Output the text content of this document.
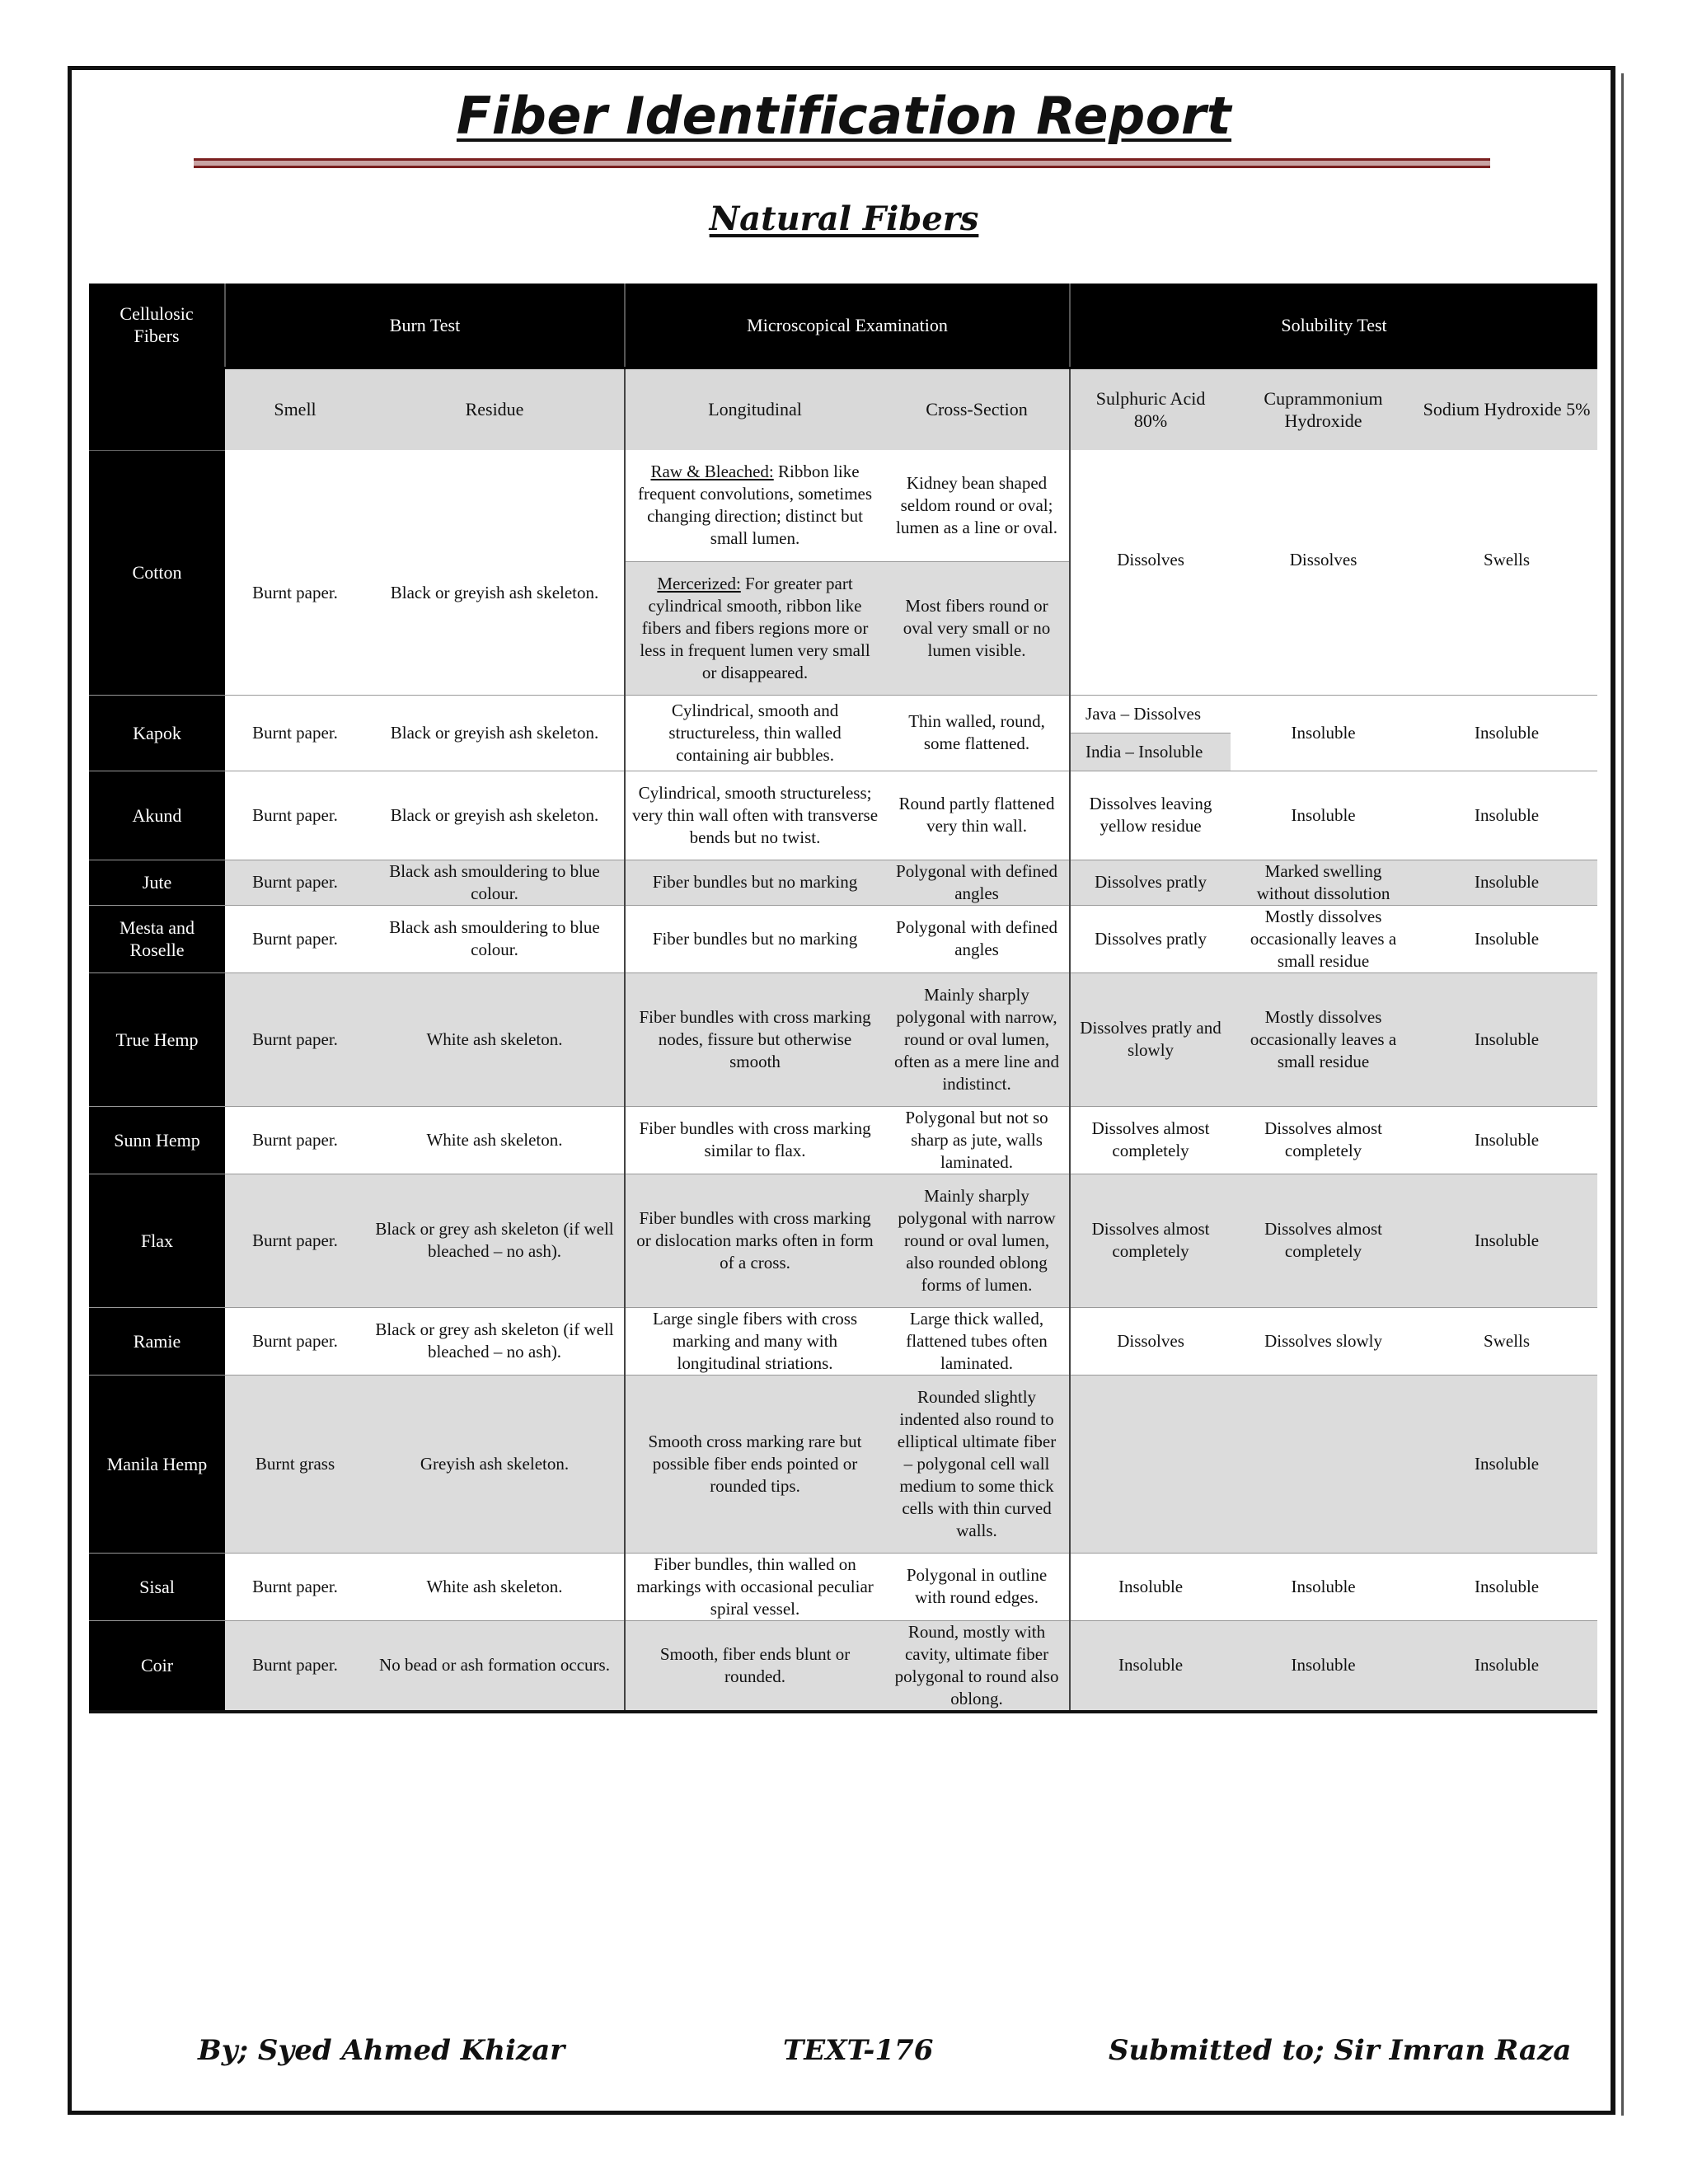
Fiber Identification Report
Natural Fibers
Cellulosic Fibers	Burn Test		Microscopical Examination		Solubility Test		
	Smell	Residue	Longitudinal	Cross-Section	Sulphuric Acid 80%	Cuprammonium Hydroxide	Sodium Hydroxide 5%
Cotton	Burnt paper.	Black or greyish ash skeleton.	Raw & Bleached: Ribbon like frequent convolutions, sometimes changing direction; distinct but small lumen.	Kidney bean shaped seldom round or oval; lumen as a line or oval.	Dissolves	Dissolves	Swells
			Mercerized: For greater part cylindrical smooth, ribbon like fibers and fibers regions more or less in frequent lumen very small or disappeared.	Most fibers round or oval very small or no lumen visible.			
Kapok	Burnt paper.	Black or greyish ash skeleton.	Cylindrical, smooth and structureless, thin walled containing air bubbles.	Thin walled, round, some flattened.	Java – Dissolves	Insoluble	Insoluble
					India – Insoluble		
Akund	Burnt paper.	Black or greyish ash skeleton.	Cylindrical, smooth structureless; very thin wall often with transverse bends but no twist.	Round partly flattened very thin wall.	Dissolves leaving yellow residue	Insoluble	Insoluble
Jute	Burnt paper.	Black ash smouldering to blue colour.	Fiber bundles but no marking	Polygonal with defined angles	Dissolves pratly	Marked swelling without dissolution	Insoluble
Mesta and Roselle	Burnt paper.	Black ash smouldering to blue colour.	Fiber bundles but no marking	Polygonal with defined angles	Dissolves pratly	Mostly dissolves occasionally leaves a small residue	Insoluble
True Hemp	Burnt paper.	White ash skeleton.	Fiber bundles with cross marking nodes, fissure but otherwise smooth	Mainly sharply polygonal with narrow, round or oval lumen, often as a mere line and indistinct.	Dissolves pratly and slowly	Mostly dissolves occasionally leaves a small residue	Insoluble
Sunn Hemp	Burnt paper.	White ash skeleton.	Fiber bundles with cross marking similar to flax.	Polygonal but not so sharp as jute, walls laminated.	Dissolves almost completely	Dissolves almost completely	Insoluble
Flax	Burnt paper.	Black or grey ash skeleton (if well bleached – no ash).	Fiber bundles with cross marking or dislocation marks often in form of a cross.	Mainly sharply polygonal with narrow round or oval lumen, also rounded oblong forms of lumen.	Dissolves almost completely	Dissolves almost completely	Insoluble
Ramie	Burnt paper.	Black or grey ash skeleton (if well bleached – no ash).	Large single fibers with cross marking and many with longitudinal striations.	Large thick walled, flattened tubes often laminated.	Dissolves	Dissolves slowly	Swells
Manila Hemp	Burnt grass	Greyish ash skeleton.	Smooth cross marking rare but possible fiber ends pointed or rounded tips.	Rounded slightly indented also round to elliptical ultimate fiber – polygonal cell wall medium to some thick cells with thin curved walls.			Insoluble
Sisal	Burnt paper.	White ash skeleton.	Fiber bundles, thin walled on markings with occasional peculiar spiral vessel.	Polygonal in outline with round edges.	Insoluble	Insoluble	Insoluble
Coir	Burnt paper.	No bead or ash formation occurs.	Smooth, fiber ends blunt or rounded.	Round, mostly with cavity, ultimate fiber polygonal to round also oblong.	Insoluble	Insoluble	Insoluble
By; Syed Ahmed Khizar	TEXT-176	Submitted to; Sir Imran Raza
